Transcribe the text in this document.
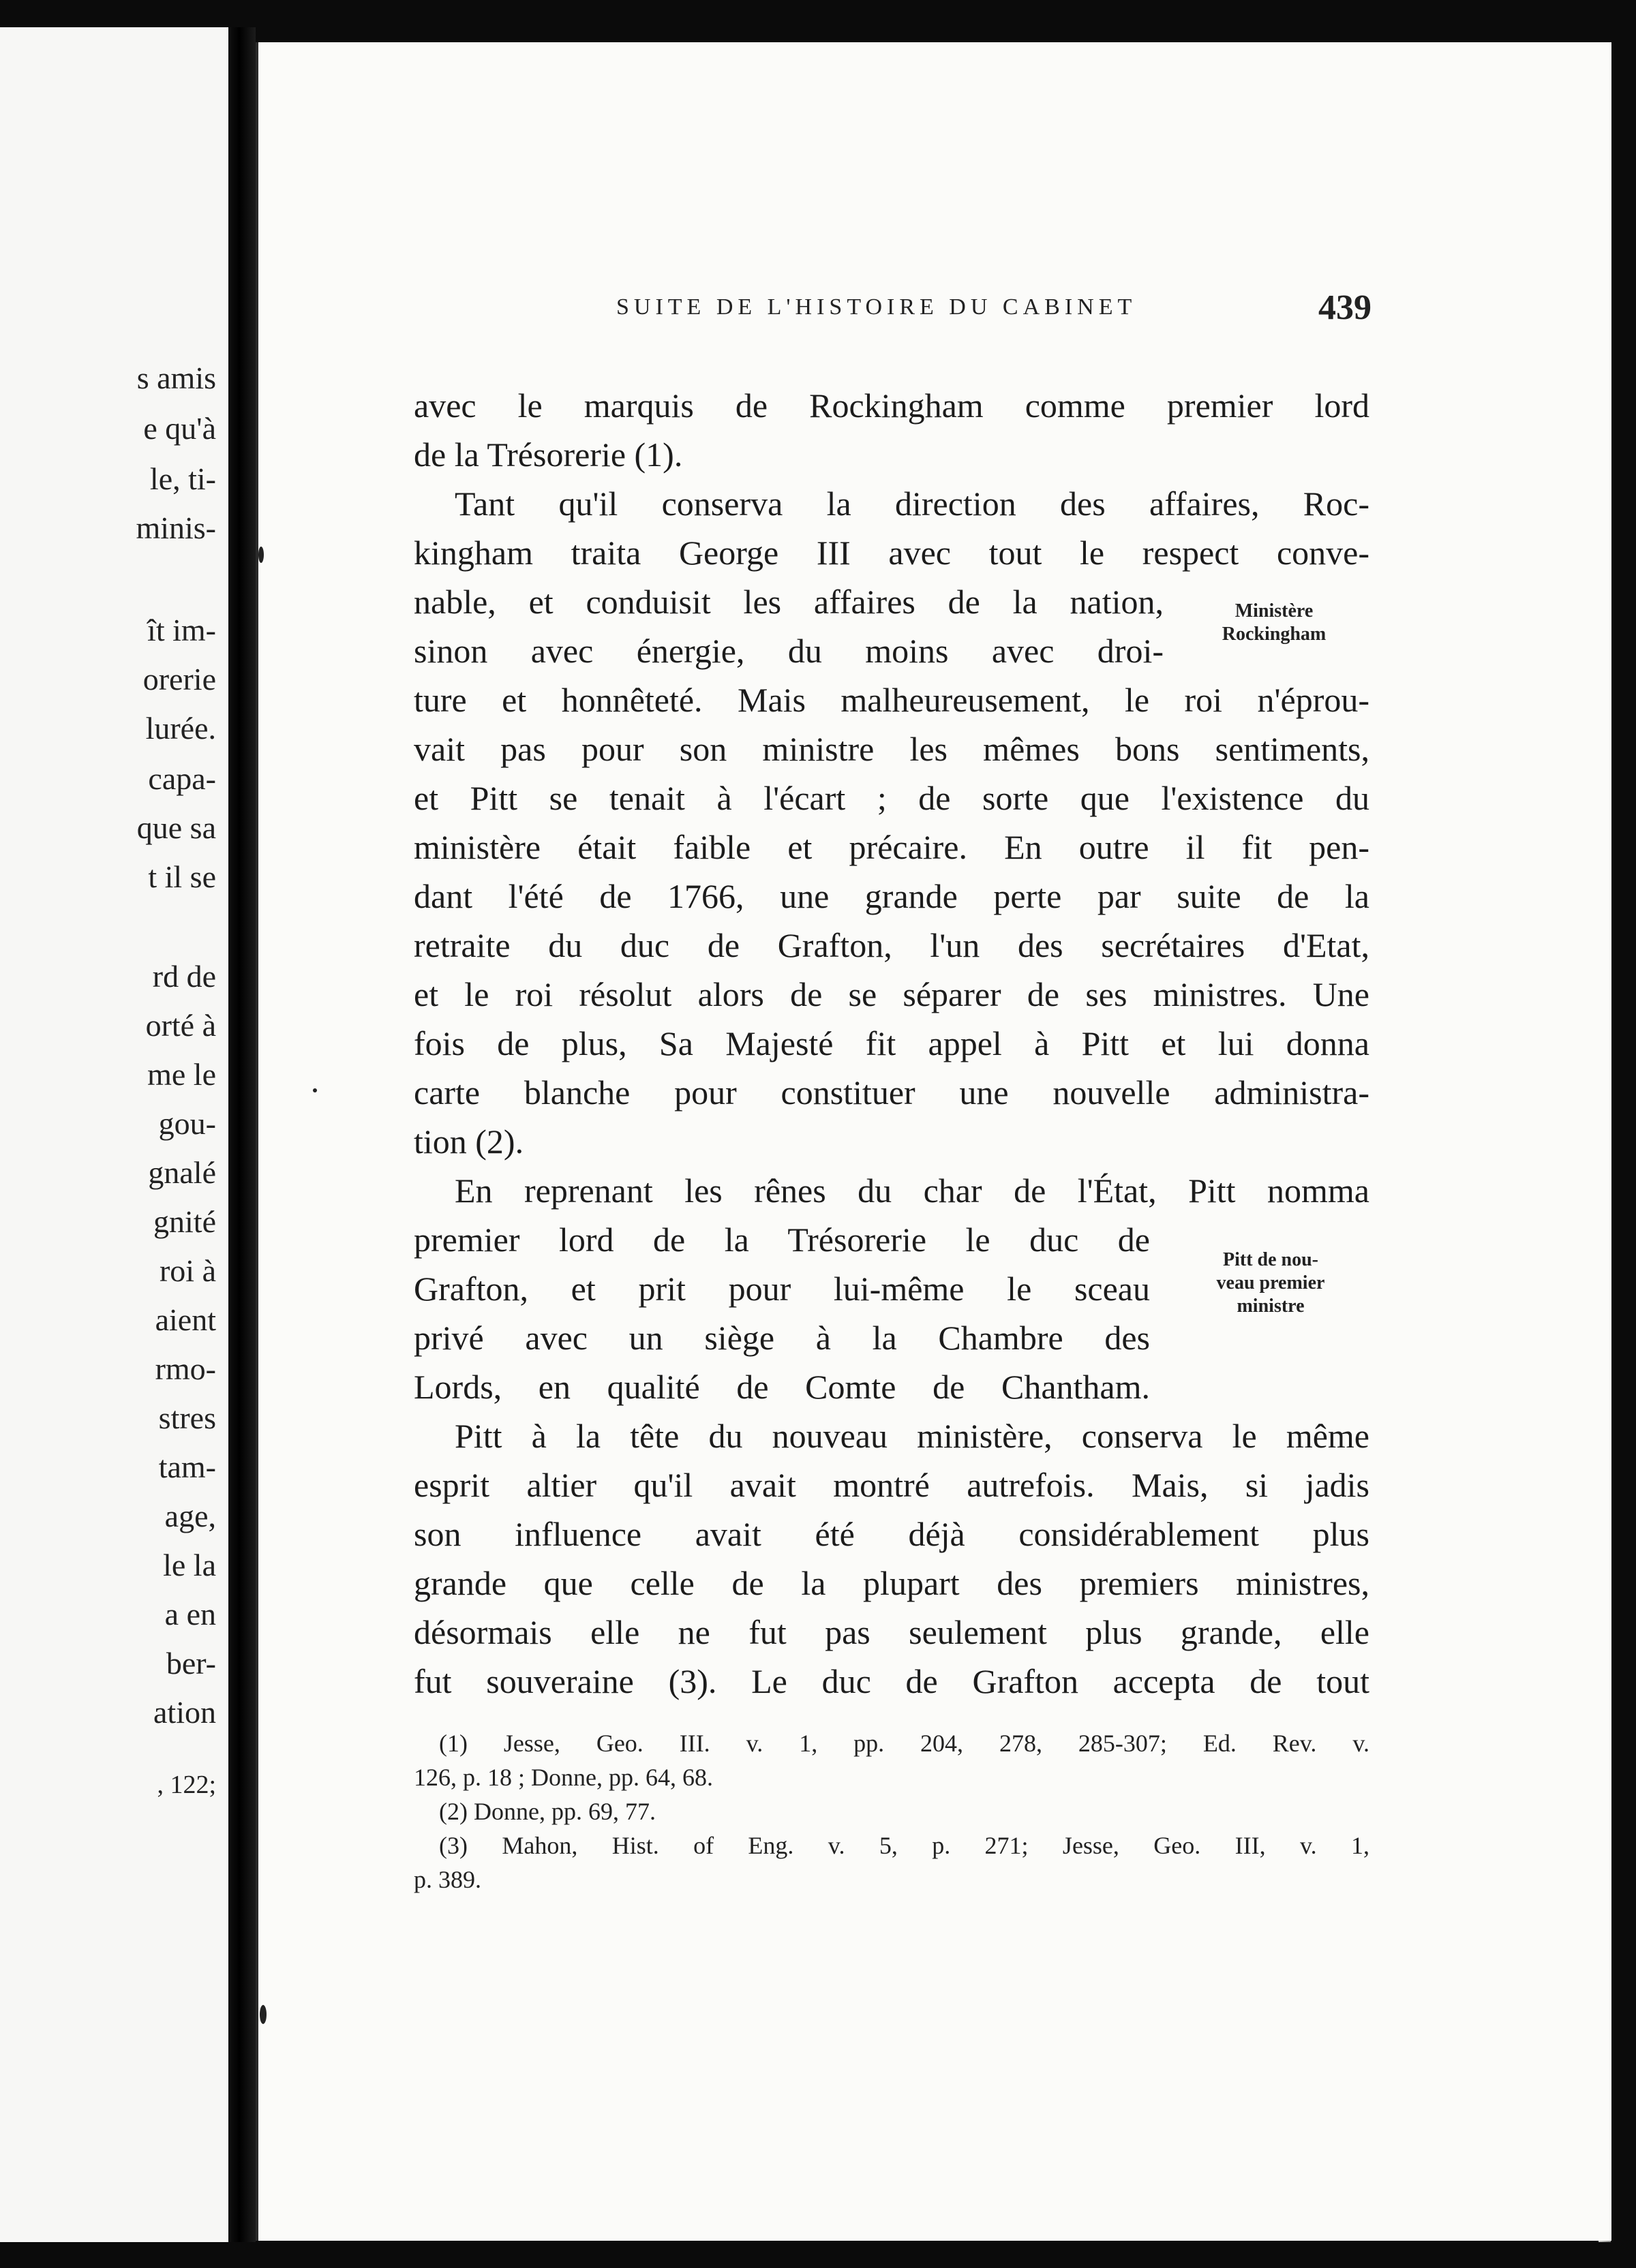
s amis
e qu'à
le, ti-
minis-
ît im-
orerie
lurée.
capa-
que sa
t il se
rd de
orté à
me le
gou-
gnalé
gnité
roi à
aient
rmo-
stres
tam-
age,
le la
a en
ber-
ation
, 122;
SUITE DE L'HISTOIRE DU CABINET	439
avec le marquis de Rockingham comme premier lord
de la Trésorerie (1).
Tant qu'il conserva la direction des affaires, Roc-
kingham traita George III avec tout le respect conve-
nable, et conduisit les affaires de la nation,
sinon avec énergie, du moins avec droi-
ture et honnêteté. Mais malheureusement, le roi n'éprou-
vait pas pour son ministre les mêmes bons sentiments,
et Pitt se tenait à l'écart ; de sorte que l'existence du
ministère était faible et précaire. En outre il fit pen-
dant l'été de 1766, une grande perte par suite de la
retraite du duc de Grafton, l'un des secrétaires d'Etat,
et le roi résolut alors de se séparer de ses ministres. Une
fois de plus, Sa Majesté fit appel à Pitt et lui donna
carte blanche pour constituer une nouvelle administra-
tion (2).
En reprenant les rênes du char de l'État, Pitt nomma
premier lord de la Trésorerie le duc de
Grafton, et prit pour lui-même le sceau
privé avec un siège à la Chambre des
Lords, en qualité de Comte de Chantham.
Pitt à la tête du nouveau ministère, conserva le même
esprit altier qu'il avait montré autrefois. Mais, si jadis
son influence avait été déjà considérablement plus
grande que celle de la plupart des premiers ministres,
désormais elle ne fut pas seulement plus grande, elle
fut souveraine (3). Le duc de Grafton accepta de tout
Ministère
Rockingham
Pitt de nou-
veau premier
ministre
(1) Jesse, Geo. III. v. 1, pp. 204, 278, 285-307; Ed. Rev. v.
126, p. 18 ; Donne, pp. 64, 68.
(2) Donne, pp. 69, 77.
(3) Mahon, Hist. of Eng. v. 5, p. 271; Jesse, Geo. III, v. 1,
p. 389.
